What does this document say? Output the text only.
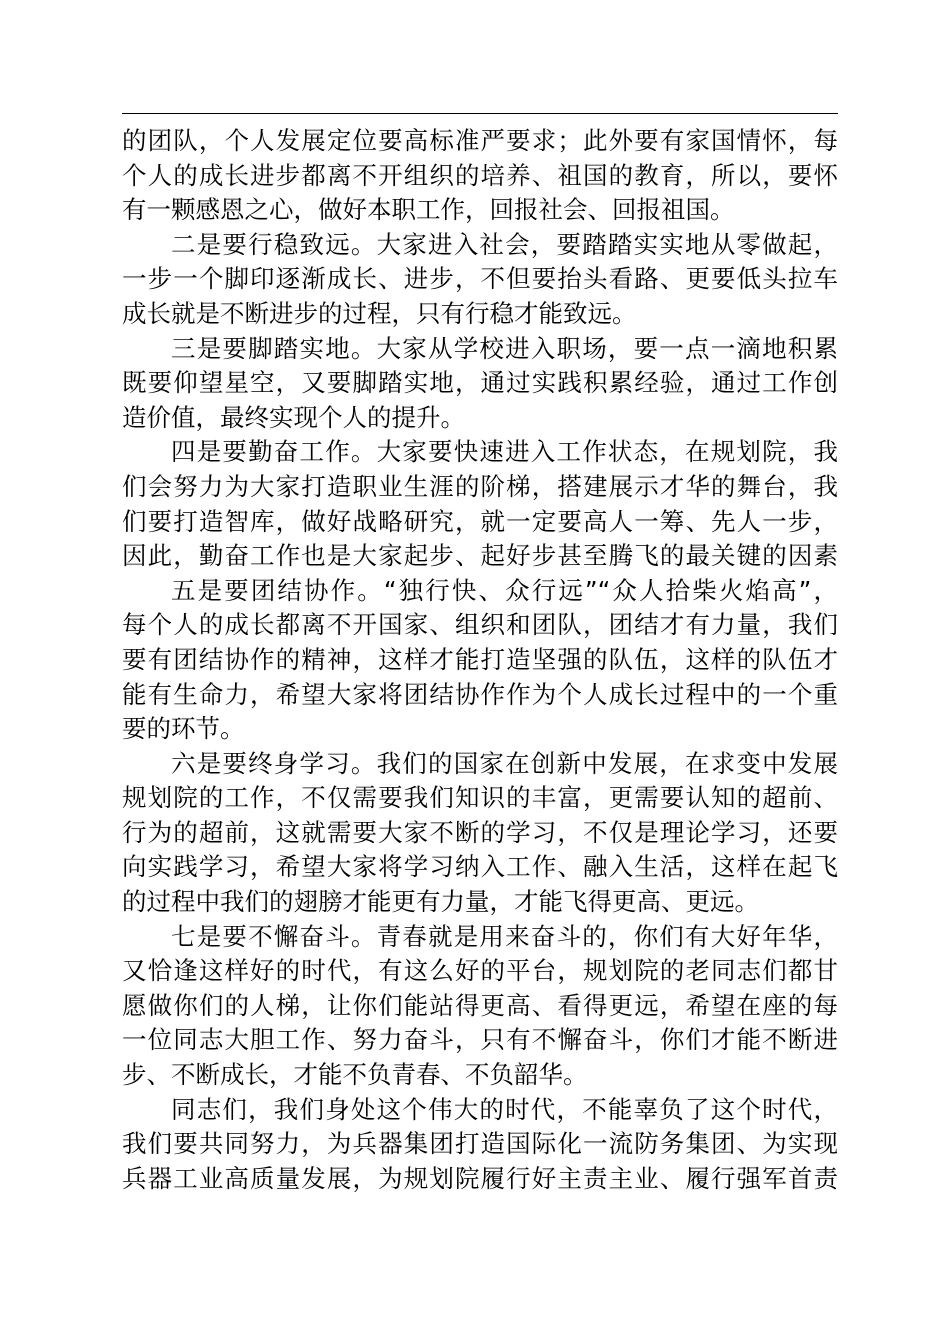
的团队，个人发展定位要高标准严要求；此外要有家国情怀，每
个人的成长进步都离不开组织的培养、祖国的教育，所以，要怀
有一颗感恩之心，做好本职工作，回报社会、回报祖国。
二是要行稳致远。大家进入社会，要踏踏实实地从零做起，
一步一个脚印逐渐成长、进步，不但要抬头看路、更要低头拉车
成长就是不断进步的过程，只有行稳才能致远。
三是要脚踏实地。大家从学校进入职场，要一点一滴地积累
既要仰望星空，又要脚踏实地，通过实践积累经验，通过工作创
造价值，最终实现个人的提升。
四是要勤奋工作。大家要快速进入工作状态，在规划院，我
们会努力为大家打造职业生涯的阶梯，搭建展示才华的舞台，我
们要打造智库，做好战略研究，就一定要高人一筹、先人一步，
因此，勤奋工作也是大家起步、起好步甚至腾飞的最关键的因素
五是要团结协作。“独行快、众行远”“众人拾柴火焰高”，
每个人的成长都离不开国家、组织和团队，团结才有力量，我们
要有团结协作的精神，这样才能打造坚强的队伍，这样的队伍才
能有生命力，希望大家将团结协作作为个人成长过程中的一个重
要的环节。
六是要终身学习。我们的国家在创新中发展，在求变中发展
规划院的工作，不仅需要我们知识的丰富，更需要认知的超前、
行为的超前，这就需要大家不断的学习，不仅是理论学习，还要
向实践学习，希望大家将学习纳入工作、融入生活，这样在起飞
的过程中我们的翅膀才能更有力量，才能飞得更高、更远。
七是要不懈奋斗。青春就是用来奋斗的，你们有大好年华，
又恰逢这样好的时代，有这么好的平台，规划院的老同志们都甘
愿做你们的人梯，让你们能站得更高、看得更远，希望在座的每
一位同志大胆工作、努力奋斗，只有不懈奋斗，你们才能不断进
步、不断成长，才能不负青春、不负韶华。
同志们，我们身处这个伟大的时代，不能辜负了这个时代，
我们要共同努力，为兵器集团打造国际化一流防务集团、为实现
兵器工业高质量发展，为规划院履行好主责主业、履行强军首责
